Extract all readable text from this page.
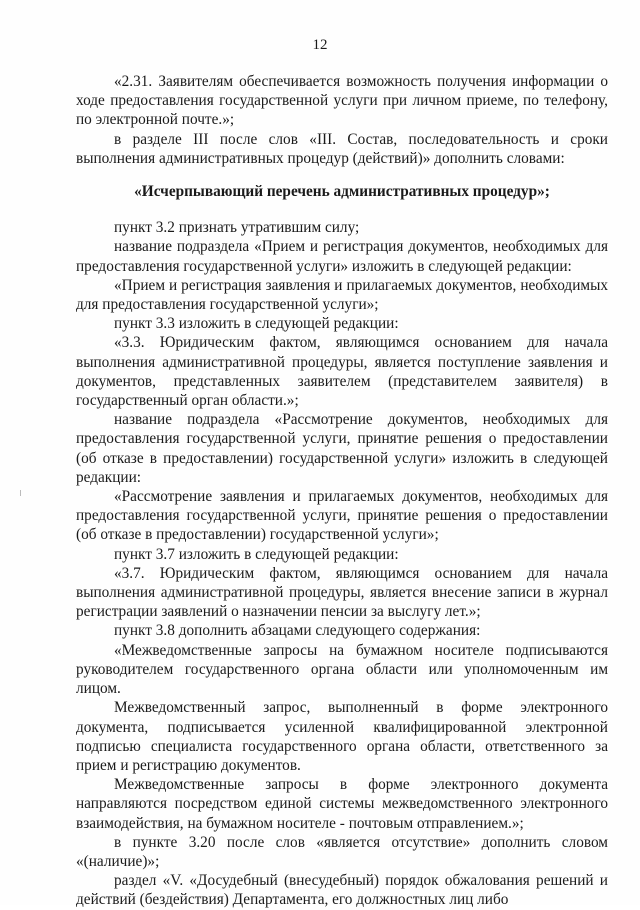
12

«2.31. Заявителям обеспечивается возможность получения информации о ходе предоставления государственной услуги при личном приеме, по телефону, по электронной почте.»;

в разделе III после слов «III. Состав, последовательность и сроки выполнения административных процедур (действий)» дополнить словами:

«Исчерпывающий перечень административных процедур»;

пункт 3.2 признать утратившим силу;

название подраздела «Прием и регистрация документов, необходимых для предоставления государственной услуги» изложить в следующей редакции:

«Прием и регистрация заявления и прилагаемых документов, необходимых для предоставления государственной услуги»;

пункт 3.3 изложить в следующей редакции:

«3.3. Юридическим фактом, являющимся основанием для начала выполнения административной процедуры, является поступление заявления и документов, представленных заявителем (представителем заявителя) в государственный орган области.»;

название подраздела «Рассмотрение документов, необходимых для предоставления государственной услуги, принятие решения о предоставлении (об отказе в предоставлении) государственной услуги» изложить в следующей редакции:

«Рассмотрение заявления и прилагаемых документов, необходимых для предоставления государственной услуги, принятие решения о предоставлении (об отказе в предоставлении) государственной услуги»;

пункт 3.7 изложить в следующей редакции:

«3.7. Юридическим фактом, являющимся основанием для начала выполнения административной процедуры, является внесение записи в журнал регистрации заявлений о назначении пенсии за выслугу лет.»;

пункт 3.8 дополнить абзацами следующего содержания:

«Межведомственные запросы на бумажном носителе подписываются руководителем государственного органа области или уполномоченным им лицом.

Межведомственный запрос, выполненный в форме электронного документа, подписывается усиленной квалифицированной электронной подписью специалиста государственного органа области, ответственного за прием и регистрацию документов.

Межведомственные запросы в форме электронного документа направляются посредством единой системы межведомственного электронного взаимодействия, на бумажном носителе - почтовым отправлением.»;

в пункте 3.20 после слов «является отсутствие» дополнить словом «(наличие)»;

раздел «V. «Досудебный (внесудебный) порядок обжалования решений и действий (бездействия) Департамента, его должностных лиц либо
